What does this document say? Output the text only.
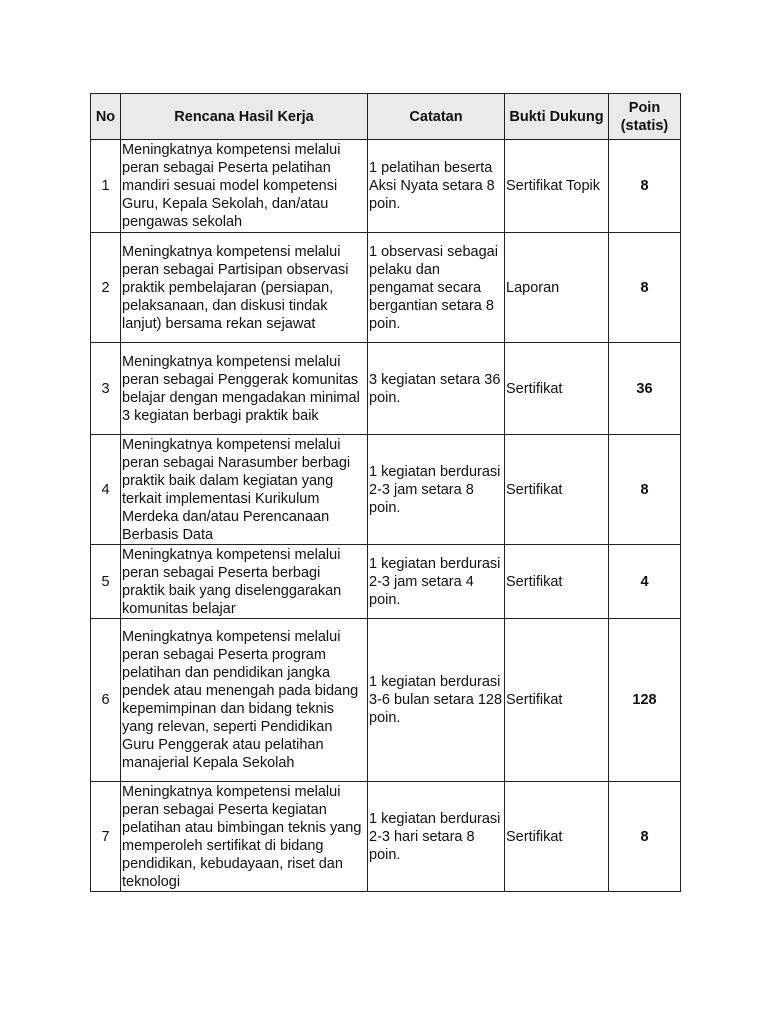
No	Rencana Hasil Kerja	Catatan	Bukti Dukung	Poin (statis)
1	Meningkatnya kompetensi melalui peran sebagai Peserta pelatihan mandiri sesuai model kompetensi Guru, Kepala Sekolah, dan/atau pengawas sekolah	1 pelatihan beserta Aksi Nyata setara 8 poin.	Sertifikat Topik	8
2	Meningkatnya kompetensi melalui peran sebagai Partisipan observasi praktik pembelajaran (persiapan, pelaksanaan, dan diskusi tindak lanjut) bersama rekan sejawat	1 observasi sebagai pelaku dan pengamat secara bergantian setara 8 poin.	Laporan	8
3	Meningkatnya kompetensi melalui peran sebagai Penggerak komunitas belajar dengan mengadakan minimal 3 kegiatan berbagi praktik baik	3 kegiatan setara 36 poin.	Sertifikat	36
4	Meningkatnya kompetensi melalui peran sebagai Narasumber berbagi praktik baik dalam kegiatan yang terkait implementasi Kurikulum Merdeka dan/atau Perencanaan Berbasis Data	1 kegiatan berdurasi 2-3 jam setara 8 poin.	Sertifikat	8
5	Meningkatnya kompetensi melalui peran sebagai Peserta berbagi praktik baik yang diselenggarakan komunitas belajar	1 kegiatan berdurasi 2-3 jam setara 4 poin.	Sertifikat	4
6	Meningkatnya kompetensi melalui peran sebagai Peserta program pelatihan dan pendidikan jangka pendek atau menengah pada bidang kepemimpinan dan bidang teknis yang relevan, seperti Pendidikan Guru Penggerak atau pelatihan manajerial Kepala Sekolah	1 kegiatan berdurasi 3-6 bulan setara 128 poin.	Sertifikat	128
7	Meningkatnya kompetensi melalui peran sebagai Peserta kegiatan pelatihan atau bimbingan teknis yang memperoleh sertifikat di bidang pendidikan, kebudayaan, riset dan teknologi	1 kegiatan berdurasi 2-3 hari setara 8 poin.	Sertifikat	8
